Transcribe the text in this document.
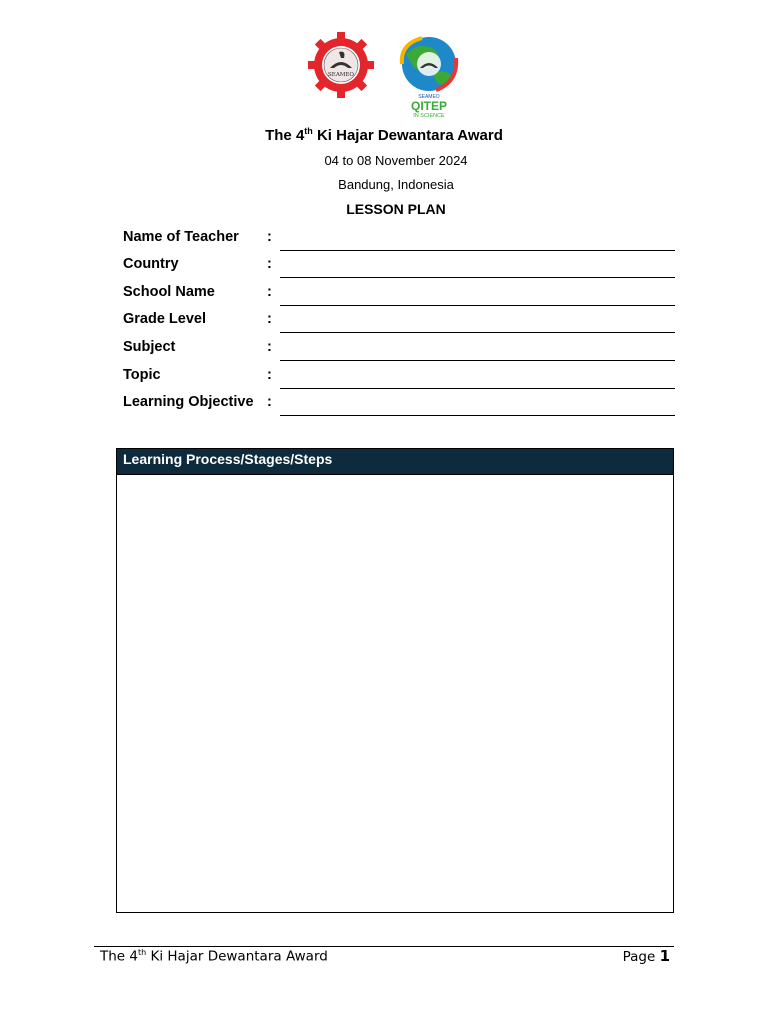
SEAMEO
SEAMEO
QITEP
IN SCIENCE
The 4th Ki Hajar Dewantara Award
04 to 08 November 2024
Bandung, Indonesia
LESSON PLAN
Name of Teacher :
Country	:
School Name	:
Grade Level	:
Subject	:
Topic	:
Learning Objective :
Learning Process/Stages/Steps
The 4th Ki Hajar Dewantara Award	Page 1
